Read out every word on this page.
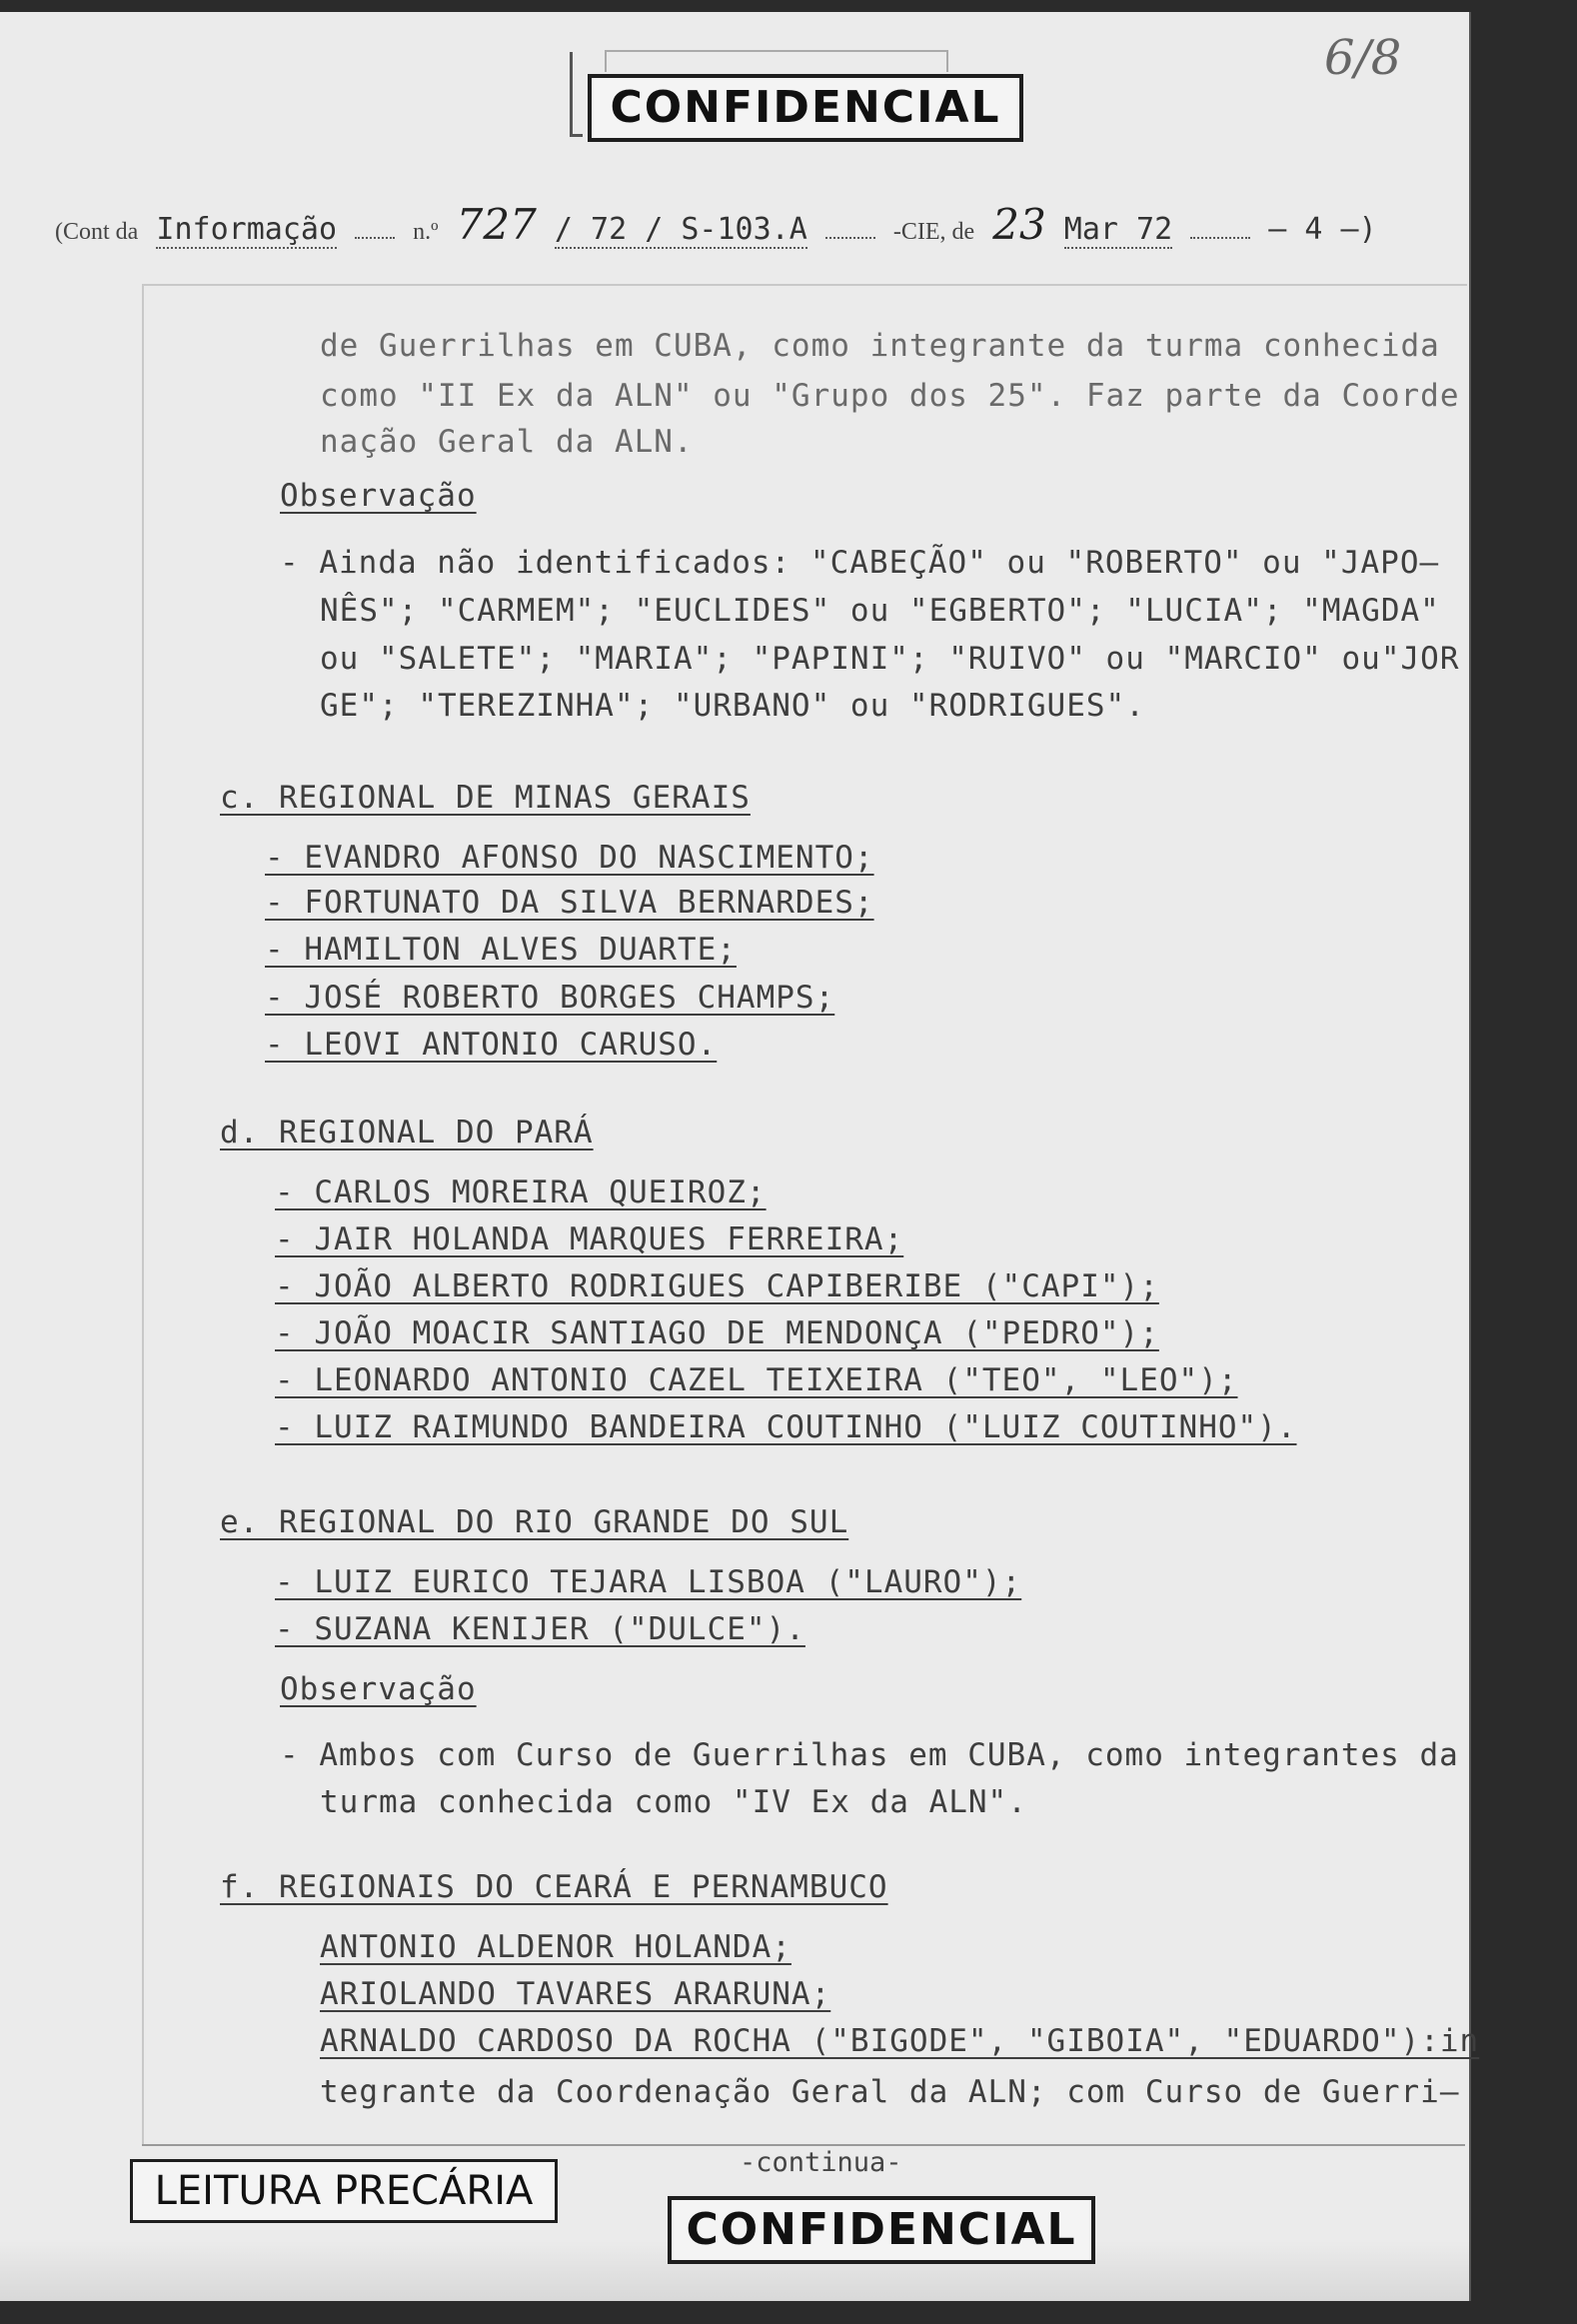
CONFIDENCIAL
6/8
(Cont da Informação	n.º 727 / 72 / S-103.A	-CIE, de 23 Mar 72	— 4 —)
de Guerrilhas em CUBA, como integrante da turma conhecida
como "II Ex da ALN" ou "Grupo dos 25". Faz parte da Coorde
nação Geral da ALN.
Observação
- Ainda não identificados: "CABEÇÃO" ou "ROBERTO" ou "JAPO—
NÊS"; "CARMEM"; "EUCLIDES" ou "EGBERTO"; "LUCIA"; "MAGDA"
ou "SALETE"; "MARIA"; "PAPINI"; "RUIVO" ou "MARCIO" ou"JOR
GE"; "TEREZINHA"; "URBANO" ou "RODRIGUES".
c. REGIONAL DE MINAS GERAIS
- EVANDRO AFONSO DO NASCIMENTO;
- FORTUNATO DA SILVA BERNARDES;
- HAMILTON ALVES DUARTE;
- JOSÉ ROBERTO BORGES CHAMPS;
- LEOVI ANTONIO CARUSO.
d. REGIONAL DO PARÁ
- CARLOS MOREIRA QUEIROZ;
- JAIR HOLANDA MARQUES FERREIRA;
- JOÃO ALBERTO RODRIGUES CAPIBERIBE ("CAPI");
- JOÃO MOACIR SANTIAGO DE MENDONÇA ("PEDRO");
- LEONARDO ANTONIO CAZEL TEIXEIRA ("TEO", "LEO");
- LUIZ RAIMUNDO BANDEIRA COUTINHO ("LUIZ COUTINHO").
e. REGIONAL DO RIO GRANDE DO SUL
- LUIZ EURICO TEJARA LISBOA ("LAURO");
- SUZANA KENIJER ("DULCE").
Observação
- Ambos com Curso de Guerrilhas em CUBA, como integrantes da
turma conhecida como "IV Ex da ALN".
f. REGIONAIS DO CEARÁ E PERNAMBUCO
ANTONIO ALDENOR HOLANDA;
ARIOLANDO TAVARES ARARUNA;
ARNALDO CARDOSO DA ROCHA ("BIGODE", "GIBOIA", "EDUARDO"):in
tegrante da Coordenação Geral da ALN; com Curso de Guerri—
-continua-
LEITURA PRECÁRIA
CONFIDENCIAL
